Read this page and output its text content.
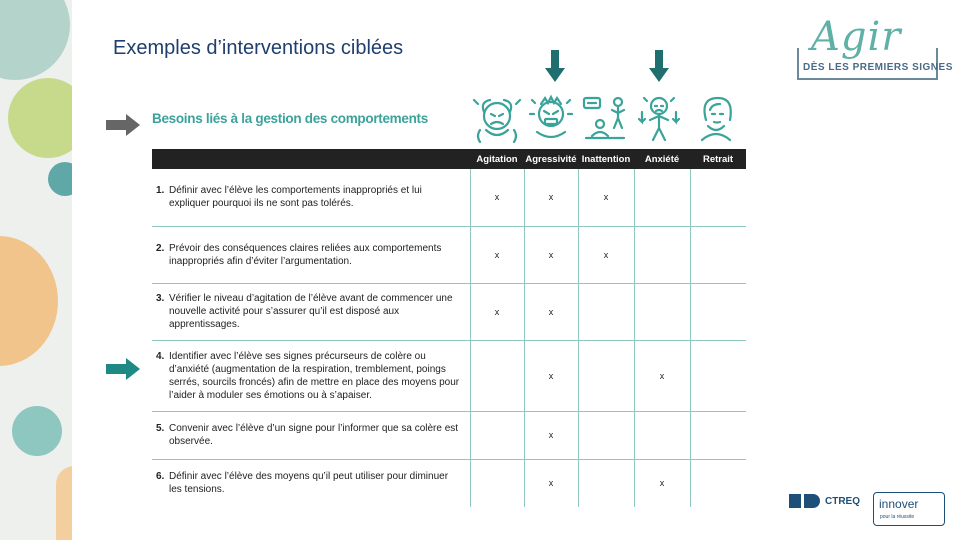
Exemples d’interventions ciblées	Agir
DÈS LES PREMIERS SIGNES
Besoins liés à la gestion des comportements
	Agitation	Agressivité	Inattention	Anxiété	Retrait

1. Définir avec l’élève les comportements inappropriés et lui expliquer pourquoi ils ne sont pas tolérés.	x	x	x		

2. Prévoir des conséquences claires reliées aux comportements inappropriés afin d’éviter l’argumentation.	x	x	x		

3. Vérifier le niveau d’agitation de l’élève avant de commencer une nouvelle activité pour s’assurer qu’il est disposé aux apprentissages.	x	x			

4. Identifier avec l’élève ses signes précurseurs de colère ou d’anxiété (augmentation de la respiration, tremblement, poings serrés, sourcils froncés) afin de mettre en place des moyens pour l’aider à moduler ses émotions ou à s’apaiser.		x		x	

5. Convenir avec l’élève d’un signe pour l’informer que sa colère est observée.		x			

6. Définir avec l’élève des moyens qu’il peut utiliser pour diminuer les tensions.		x		x	
CTREQ innover
pour la réussite
